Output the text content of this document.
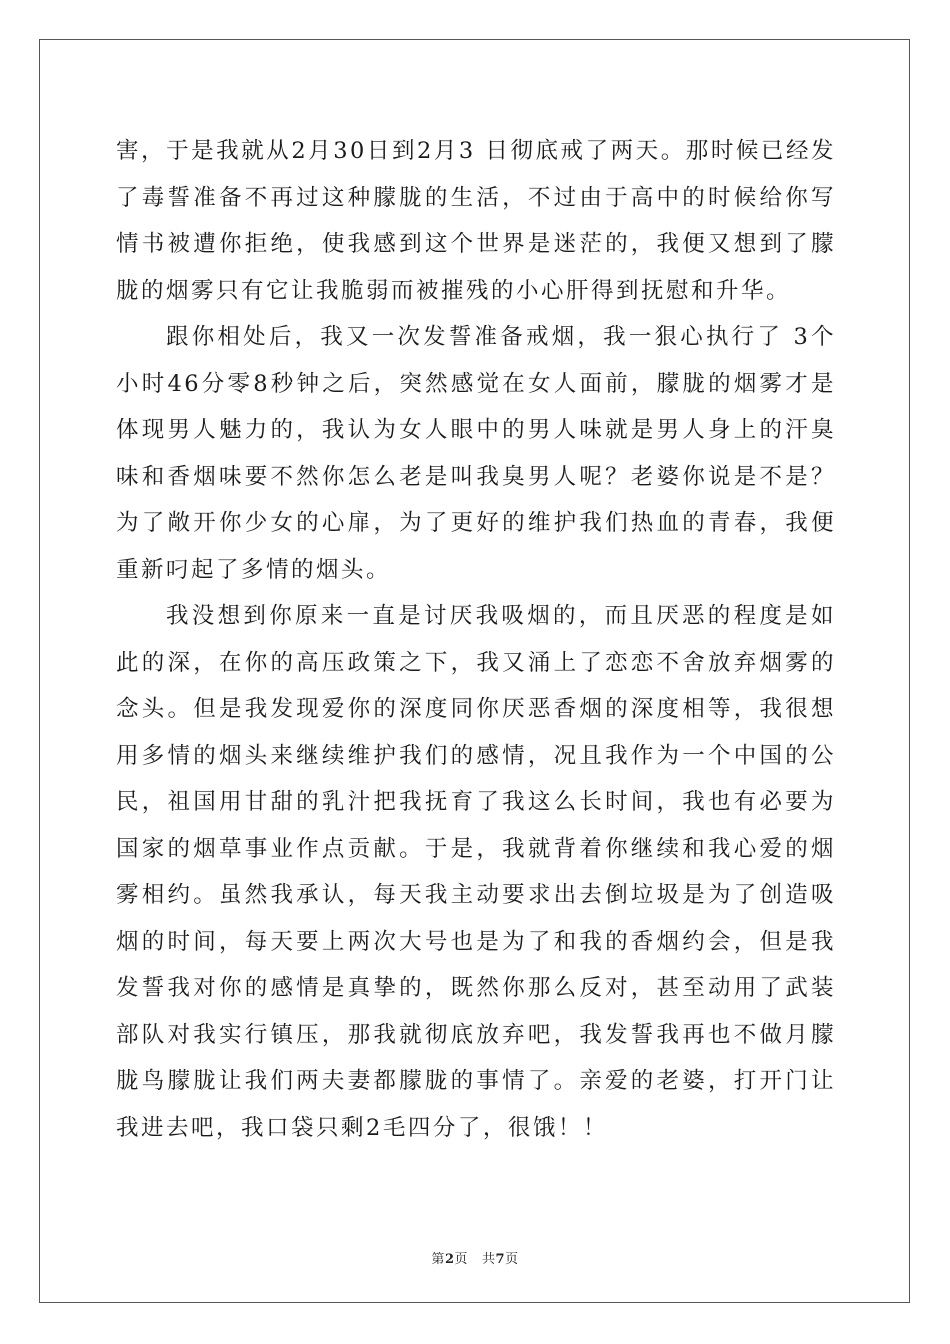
害，于是我就从2月30日到2月3 日彻底戒了两天。那时候已经发了毒誓准备不再过这种朦胧的生活，不过由于高中的时候给你写情书被遭你拒绝，使我感到这个世界是迷茫的，我便又想到了朦胧的烟雾只有它让我脆弱而被摧残的小心肝得到抚慰和升华。

跟你相处后，我又一次发誓准备戒烟，我一狠心执行了 3个小时46分零8秒钟之后，突然感觉在女人面前，朦胧的烟雾才是体现男人魅力的，我认为女人眼中的男人味就是男人身上的汗臭味和香烟味要不然你怎么老是叫我臭男人呢？老婆你说是不是？为了敞开你少女的心扉，为了更好的维护我们热血的青春，我便重新叼起了多情的烟头。

我没想到你原来一直是讨厌我吸烟的，而且厌恶的程度是如此的深，在你的高压政策之下，我又涌上了恋恋不舍放弃烟雾的念头。但是我发现爱你的深度同你厌恶香烟的深度相等，我很想用多情的烟头来继续维护我们的感情，况且我作为一个中国的公民，祖国用甘甜的乳汁把我抚育了我这么长时间，我也有必要为国家的烟草事业作点贡献。于是，我就背着你继续和我心爱的烟雾相约。虽然我承认，每天我主动要求出去倒垃圾是为了创造吸烟的时间，每天要上两次大号也是为了和我的香烟约会，但是我发誓我对你的感情是真挚的，既然你那么反对，甚至动用了武装部队对我实行镇压，那我就彻底放弃吧，我发誓我再也不做月朦胧鸟朦胧让我们两夫妻都朦胧的事情了。亲爱的老婆，打开门让我进去吧，我口袋只剩2毛四分了，很饿！！

第2页 共7页
